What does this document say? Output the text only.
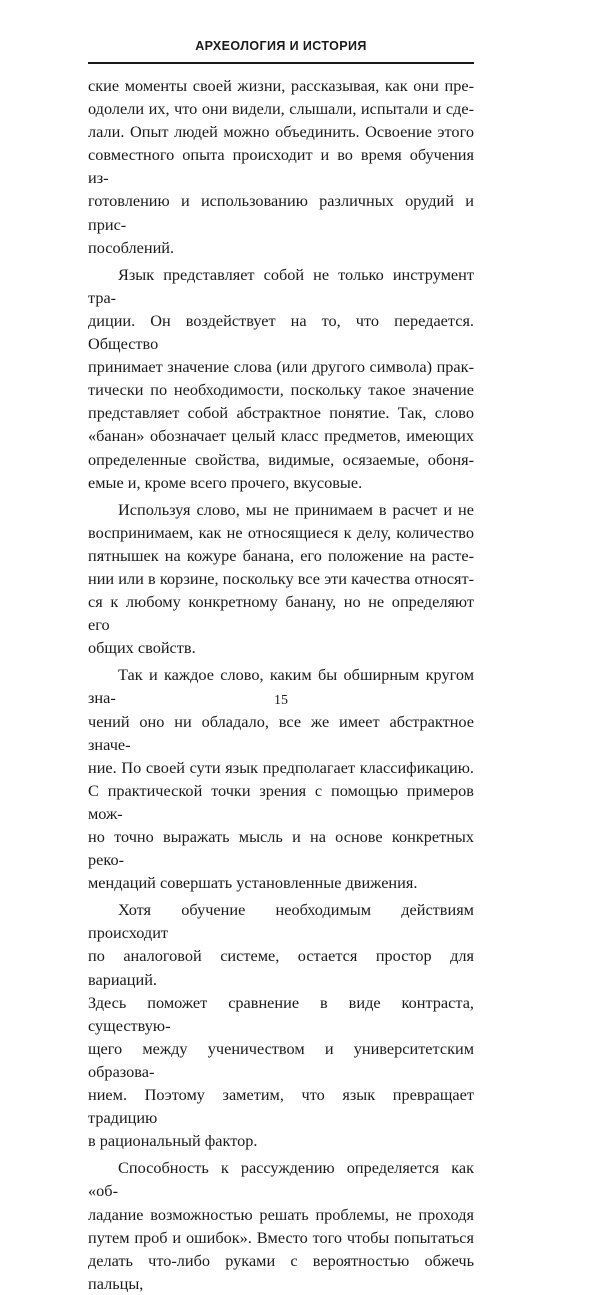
АРХЕОЛОГИЯ И ИСТОРИЯ

ские моменты своей жизни, рассказывая, как они пре-

одолели их, что они видели, слышали, испытали и сде-

лали. Опыт людей можно объединить. Освоение этого

совместного опыта происходит и во время обучения из-

готовлению и использованию различных орудий и прис-

пособлений.

Язык представляет собой не только инструмент тра-

диции. Он воздействует на то, что передается. Общество

принимает значение слова (или другого символа) прак-

тически по необходимости, поскольку такое значение

представляет собой абстрактное понятие. Так, слово

«банан» обозначает целый класс предметов, имеющих

определенные свойства, видимые, осязаемые, обоня-

емые и, кроме всего прочего, вкусовые.

Используя слово, мы не принимаем в расчет и не

воспринимаем, как не относящиеся к делу, количество

пятнышек на кожуре банана, его положение на расте-

нии или в корзине, поскольку все эти качества относят-

ся к любому конкретному банану, но не определяют его

общих свойств.

Так и каждое слово, каким бы обширным кругом зна-

чений оно ни обладало, все же имеет абстрактное значе-

ние. По своей сути язык предполагает классификацию.

С практической точки зрения с помощью примеров мож-

но точно выражать мысль и на основе конкретных реко-

мендаций совершать установленные движения.

Хотя обучение необходимым действиям происходит

по аналоговой системе, остается простор для вариаций.

Здесь поможет сравнение в виде контраста, существую-

щего между ученичеством и университетским образова-

нием. Поэтому заметим, что язык превращает традицию

в рациональный фактор.

Способность к рассуждению определяется как «об-

ладание возможностью решать проблемы, не проходя

путем проб и ошибок». Вместо того чтобы попытаться

делать что-либо руками с вероятностью обжечь пальцы,

15
